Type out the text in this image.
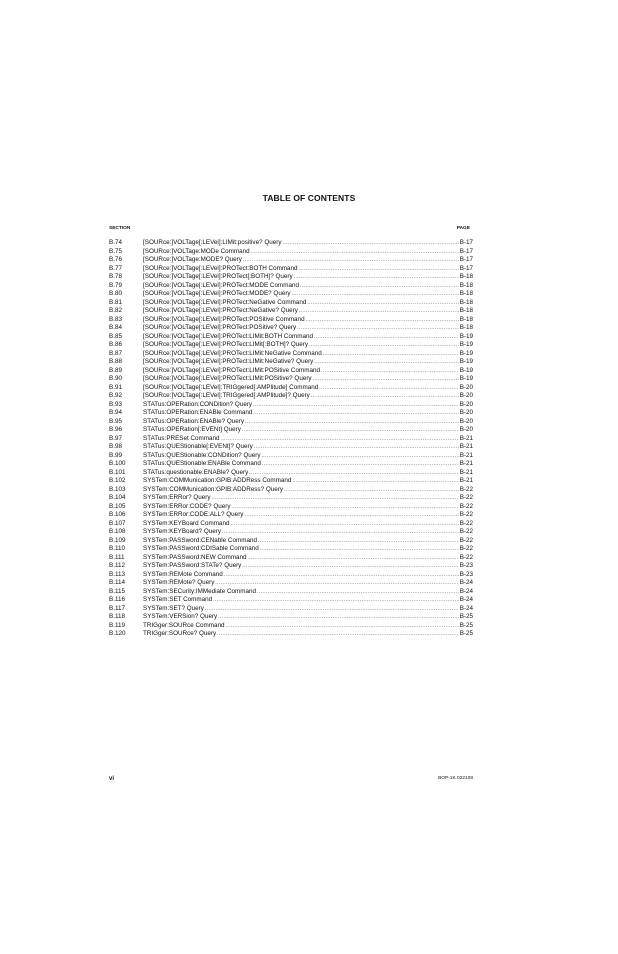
TABLE OF CONTENTS
SECTION	PAGE
B.74	[SOURce:]VOLTage[:LEVel]:LIMit:positive? Query .....	B-17
B.75	[SOURce:]VOLTage:MODe Command .....	B-17
B.76	[SOURce:]VOLTage:MODE? Query .....	B-17
B.77	[SOURce:]VOLTage[:LEVel]:PROTect:BOTH Command .....	B-17
B.78	[SOURce:]VOLTage[:LEVel]:PROTect[:BOTH]? Query .....	B-18
B.79	[SOURce:]VOLTage[:LEVel]:PROTect:MODE Command .....	B-18
B.80	[SOURce:]VOLTage[:LEVel]:PROTect:MODE? Query .....	B-18
B.81	[SOURce:]VOLTage[:LEVel]:PROTect:NeGative Command .....	B-18
B.82	[SOURce:]VOLTage[:LEVel]:PROTect:NeGative? Query .....	B-18
B.83	[SOURce:]VOLTage[:LEVel]:PROTect:POSitive Command .....	B-18
B.84	[SOURce:]VOLTage[:LEVel]:PROTect:POSitive? Query .....	B-18
B.85	[SOURce:]VOLTage[:LEVel]:PROTect:LIMit:BOTH Command .....	B-19
B.86	[SOURce:]VOLTage[:LEVel]:PROTect:LIMit[:BOTH]? Query .....	B-19
B.87	[SOURce:]VOLTage[:LEVel]:PROTect:LIMit:NeGative Command .....	B-19
B.88	[SOURce:]VOLTage[:LEVel]:PROTect:LIMit:NeGative? Query .....	B-19
B.89	[SOURce:]VOLTage[:LEVel]:PROTect:LIMit:POSitive Command .....	B-19
B.90	[SOURce:]VOLTage[:LEVel]:PROTect:LIMit:POSitive? Query .....	B-19
B.91	[SOURce:]VOLTage[:LEVel]:TRIGgered[:AMPlitude] Command .....	B-20
B.92	[SOURce:]VOLTage[:LEVel]:TRIGgered[:AMPlitude]? Query .....	B-20
B.93	STATus:OPERation:CONDition? Query .....	B-20
B.94	STATus:OPERation:ENABle Command .....	B-20
B.95	STATus:OPERation:ENABle? Query .....	B-20
B.96	STATus:OPERation[:EVENt] Query .....	B-20
B.97	STATus:PRESet Command .....	B-21
B.98	STATus:QUEStionable[:EVENt]? Query .....	B-21
B.99	STATus:QUEStionable:CONDition? Query .....	B-21
B.100	STATus:QUEStionable:ENABle Command .....	B-21
B.101	STATus:questionable:ENABle? Query .....	B-21
B.102	SYSTem:COMMunication:GPIB:ADDRess Command .....	B-21
B.103	SYSTem:COMMunication:GPIB:ADDRess? Query .....	B-22
B.104	SYSTem:ERRor? Query .....	B-22
B.105	SYSTem:ERRor:CODE? Query .....	B-22
B.106	SYSTem:ERRor:CODE:ALL? Query .....	B-22
B.107	SYSTem:KEYBoard Command .....	B-22
B.108	SYSTem:KEYBoard? Query .....	B-22
B.109	SYSTem:PASSword:CENable Command .....	B-22
B.110	SYSTem:PASSword:CDISable Command .....	B-22
B.111	SYSTem:PASSword:NEW Command .....	B-22
B.112	SYSTem:PASSword:STATe? Query .....	B-23
B.113	SYSTem:REMote Command .....	B-23
B.114	SYSTem:REMote? Query .....	B-24
B.115	SYSTem:SECurity:IMMediate Command .....	B-24
B.116	SYSTem:SET Command .....	B-24
B.117	SYSTem:SET? Query .....	B-24
B.118	SYSTem:VERSion? Query .....	B-25
B.119	TRIGger:SOURce Command .....	B-25
B.120	TRIGger:SOURce? Query .....	B-25
vi	BOP-1K 022108
